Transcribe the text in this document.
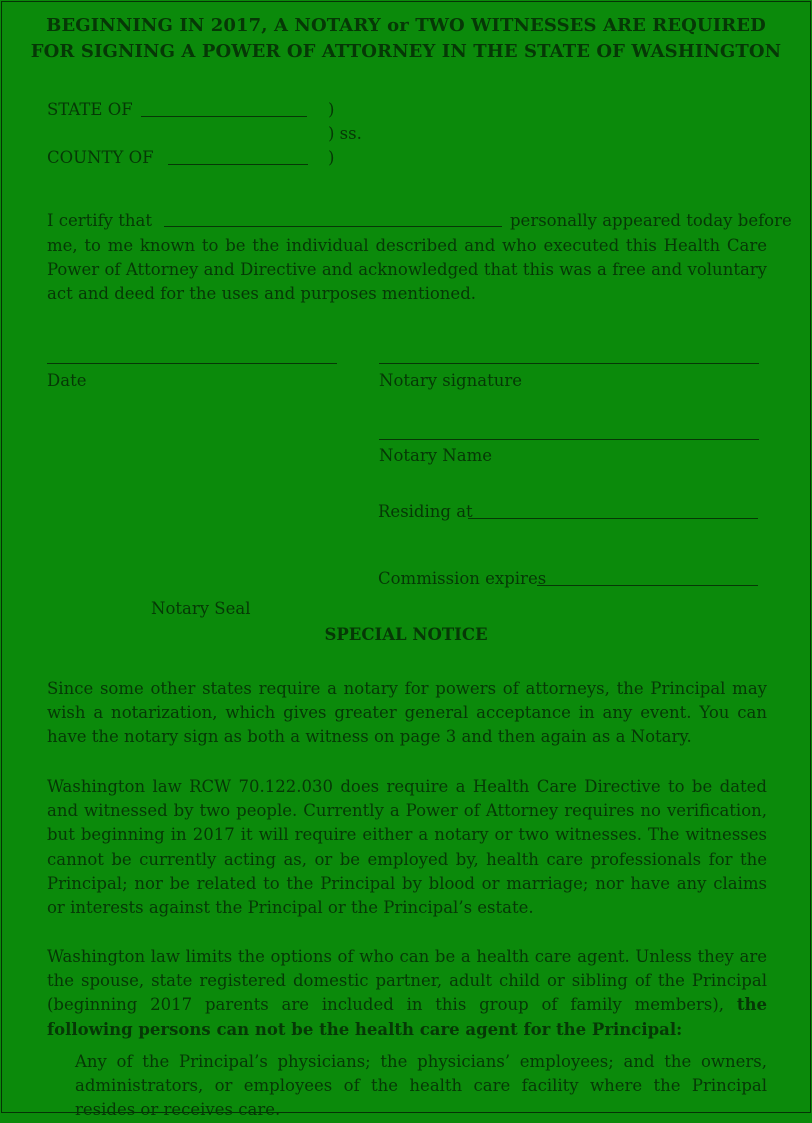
BEGINNING IN 2017, A NOTARY or TWO WITNESSES ARE REQUIRED
FOR SIGNING A POWER OF ATTORNEY IN THE STATE OF WASHINGTON
STATE OF	)
) ss.
COUNTY OF	)
I certify that	personally appeared today before
me, to me known to be the individual described and who executed this Health Care Power of Attorney and Directive and acknowledged that this was a free and voluntary act and deed for the uses and purposes mentioned.
Date	Notary signature
Notary Name
Residing at
Commission expires
Notary Seal
SPECIAL NOTICE
Since some other states require a notary for powers of attorneys, the Principal may wish a notarization, which gives greater general acceptance in any event. You can have the notary sign as both a witness on page 3 and then again as a Notary.
Washington law RCW 70.122.030 does require a Health Care Directive to be dated and witnessed by two people. Currently a Power of Attorney requires no verification, but beginning in 2017 it will require either a notary or two witnesses. The witnesses cannot be currently acting as, or be employed by, health care professionals for the Principal; nor be related to the Principal by blood or marriage; nor have any claims or interests against the Principal or the Principal’s estate.
Washington law limits the options of who can be a health care agent. Unless they are the spouse, state registered domestic partner, adult child or sibling of the Principal (beginning 2017 parents are included in this group of family members), the following persons can not be the health care agent for the Principal:
Any of the Principal’s physicians; the physicians’ employees; and the owners, administrators, or employees of the health care facility where the Principal resides or receives care.
